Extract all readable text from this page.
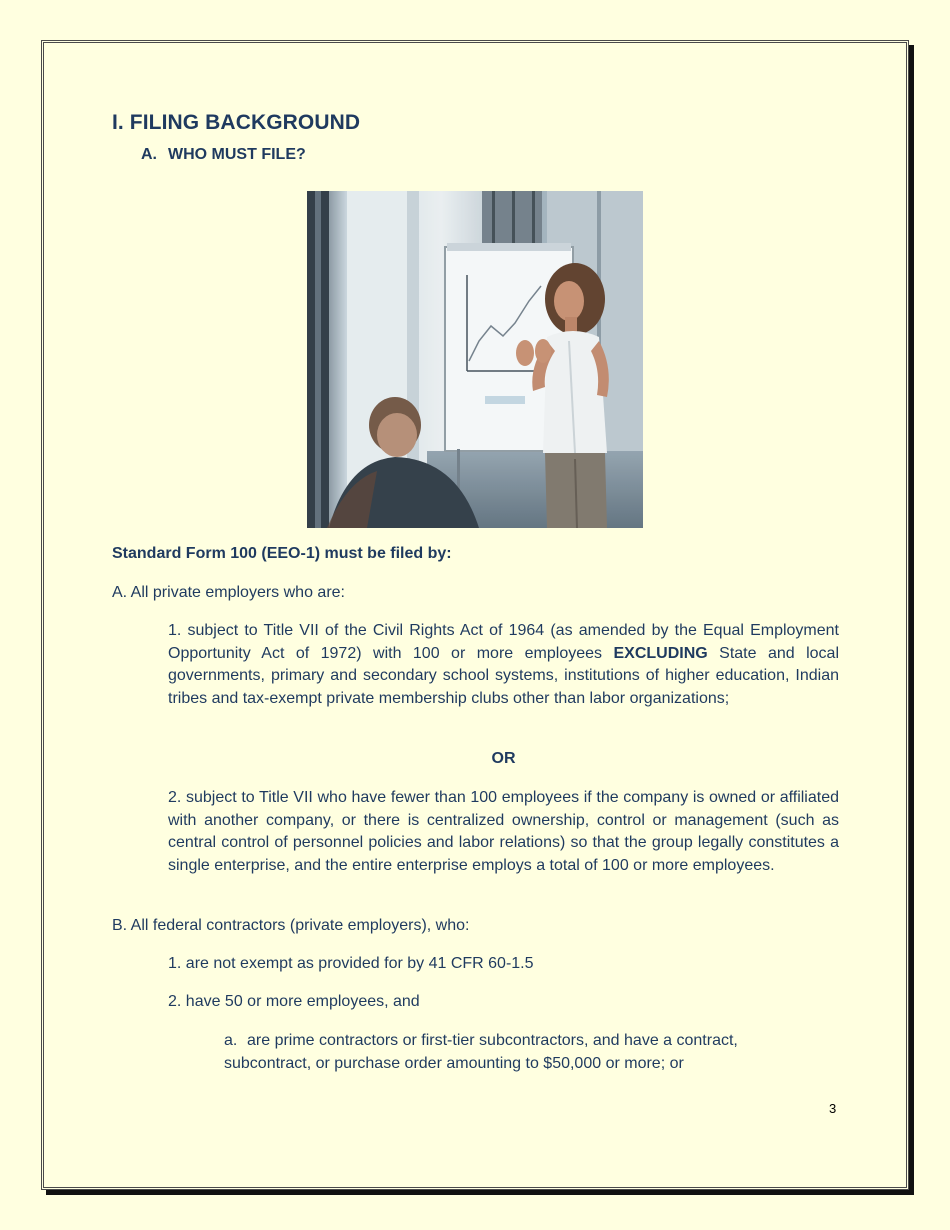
I. FILING BACKGROUND
A. WHO MUST FILE?

Standard Form 100 (EEO-1) must be filed by:

A. All private employers who are:

1. subject to Title VII of the Civil Rights Act of 1964 (as amended by the Equal Employment Opportunity Act of 1972) with 100 or more employees EXCLUDING State and local governments, primary and secondary school systems, institutions of higher education, Indian tribes and tax-exempt private membership clubs other than labor organizations;

OR

2. subject to Title VII who have fewer than 100 employees if the company is owned or affiliated with another company, or there is centralized ownership, control or management (such as central control of personnel policies and labor relations) so that the group legally constitutes a single enterprise, and the entire enterprise employs a total of 100 or more employees.

B. All federal contractors (private employers), who:

1. are not exempt as provided for by 41 CFR 60-1.5

2. have 50 or more employees, and

a. are prime contractors or first-tier subcontractors, and have a contract,
subcontract, or purchase order amounting to $50,000 or more; or
3
